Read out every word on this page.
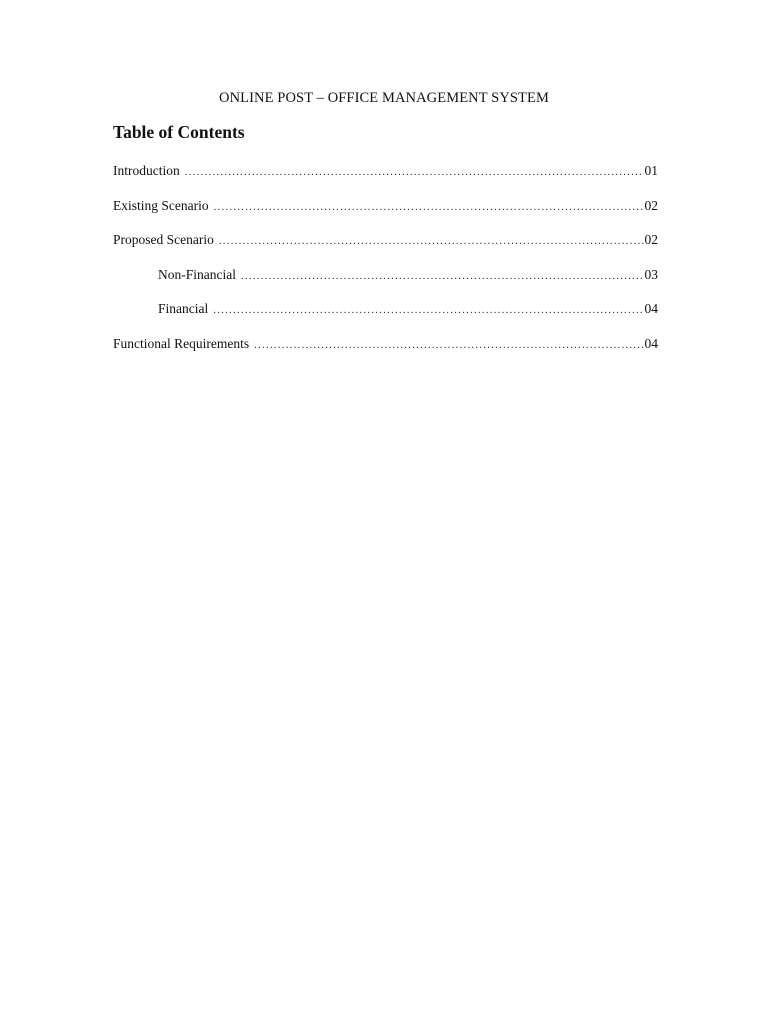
ONLINE POST – OFFICE MANAGEMENT SYSTEM
Table of Contents
Introduction .....	01
Existing Scenario .....	02
Proposed Scenario .....	02
Non-Financial .....	03
Financial .....	04
Functional Requirements .....	04
